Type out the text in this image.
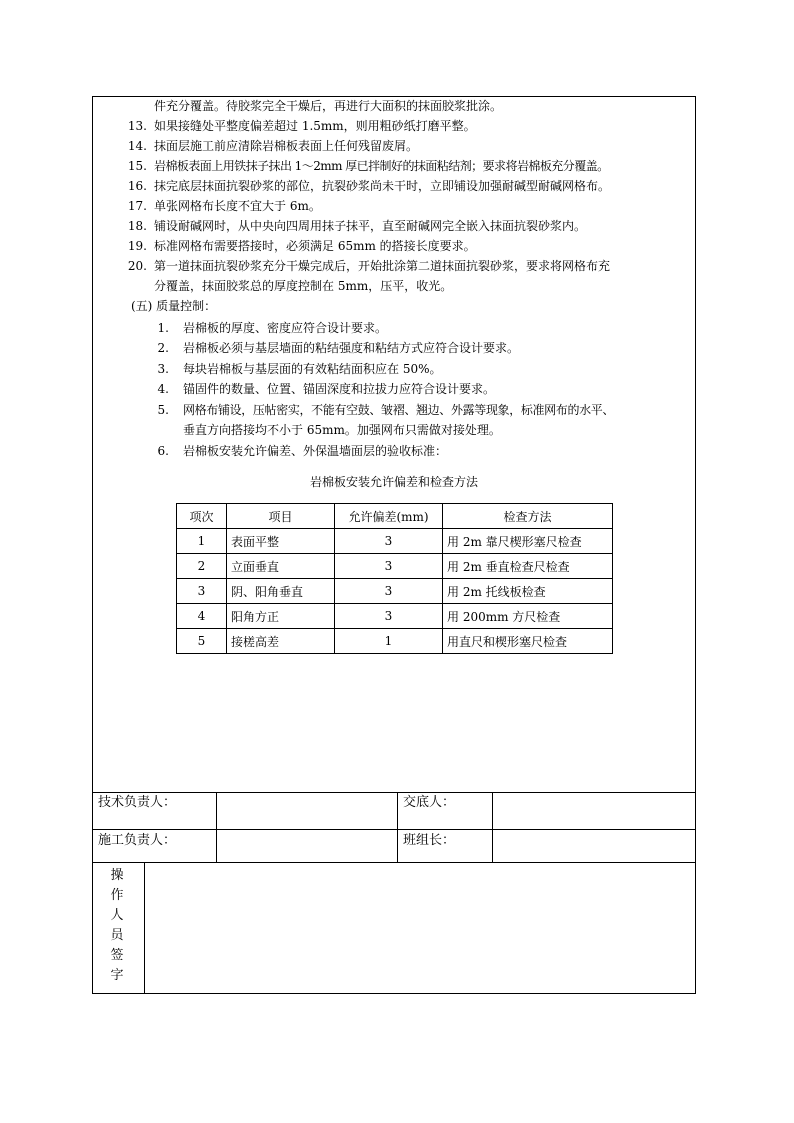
件充分覆盖。待胶浆完全干燥后，再进行大面积的抹面胶浆批涂。
13. 如果接缝处平整度偏差超过 1.5mm，则用粗砂纸打磨平整。
14. 抹面层施工前应清除岩棉板表面上任何残留废屑。
15. 岩棉板表面上用铁抹子抹出 1～2mm 厚已拌制好的抹面粘结剂；要求将岩棉板充分覆盖。
16. 抹完底层抹面抗裂砂浆的部位，抗裂砂浆尚未干时，立即铺设加强耐碱型耐碱网格布。
17. 单张网格布长度不宜大于 6m。
18. 铺设耐碱网时，从中央向四周用抹子抹平，直至耐碱网完全嵌入抹面抗裂砂浆内。
19. 标准网格布需要搭接时，必须满足 65mm 的搭接长度要求。
20. 第一道抹面抗裂砂浆充分干燥完成后，开始批涂第二道抹面抗裂砂浆，要求将网格布充
分覆盖，抹面胶浆总的厚度控制在 5mm，压平，收光。
(五) 质量控制：
1. 岩棉板的厚度、密度应符合设计要求。
2. 岩棉板必须与基层墙面的粘结强度和粘结方式应符合设计要求。
3. 每块岩棉板与基层面的有效粘结面积应在 50%。
4. 锚固件的数量、位置、锚固深度和拉拔力应符合设计要求。
5. 网格布铺设，压帖密实，不能有空鼓、皱褶、翘边、外露等现象，标准网布的水平、
垂直方向搭接均不小于 65mm。加强网布只需做对接处理。
6. 岩棉板安装允许偏差、外保温墙面层的验收标准：
岩棉板安装允许偏差和检查方法
项次	项目	允许偏差(mm)	检查方法
1	表面平整	3	用 2m 靠尺楔形塞尺检查
2	立面垂直	3	用 2m 垂直检查尺检查
3	阴、阳角垂直	3	用 2m 托线板检查
4	阳角方正	3	用 200mm 方尺检查
5	接槎高差	1	用直尺和楔形塞尺检查
技术负责人：	交底人：
施工负责人：	班组长：
操
作
人
员
签
字
